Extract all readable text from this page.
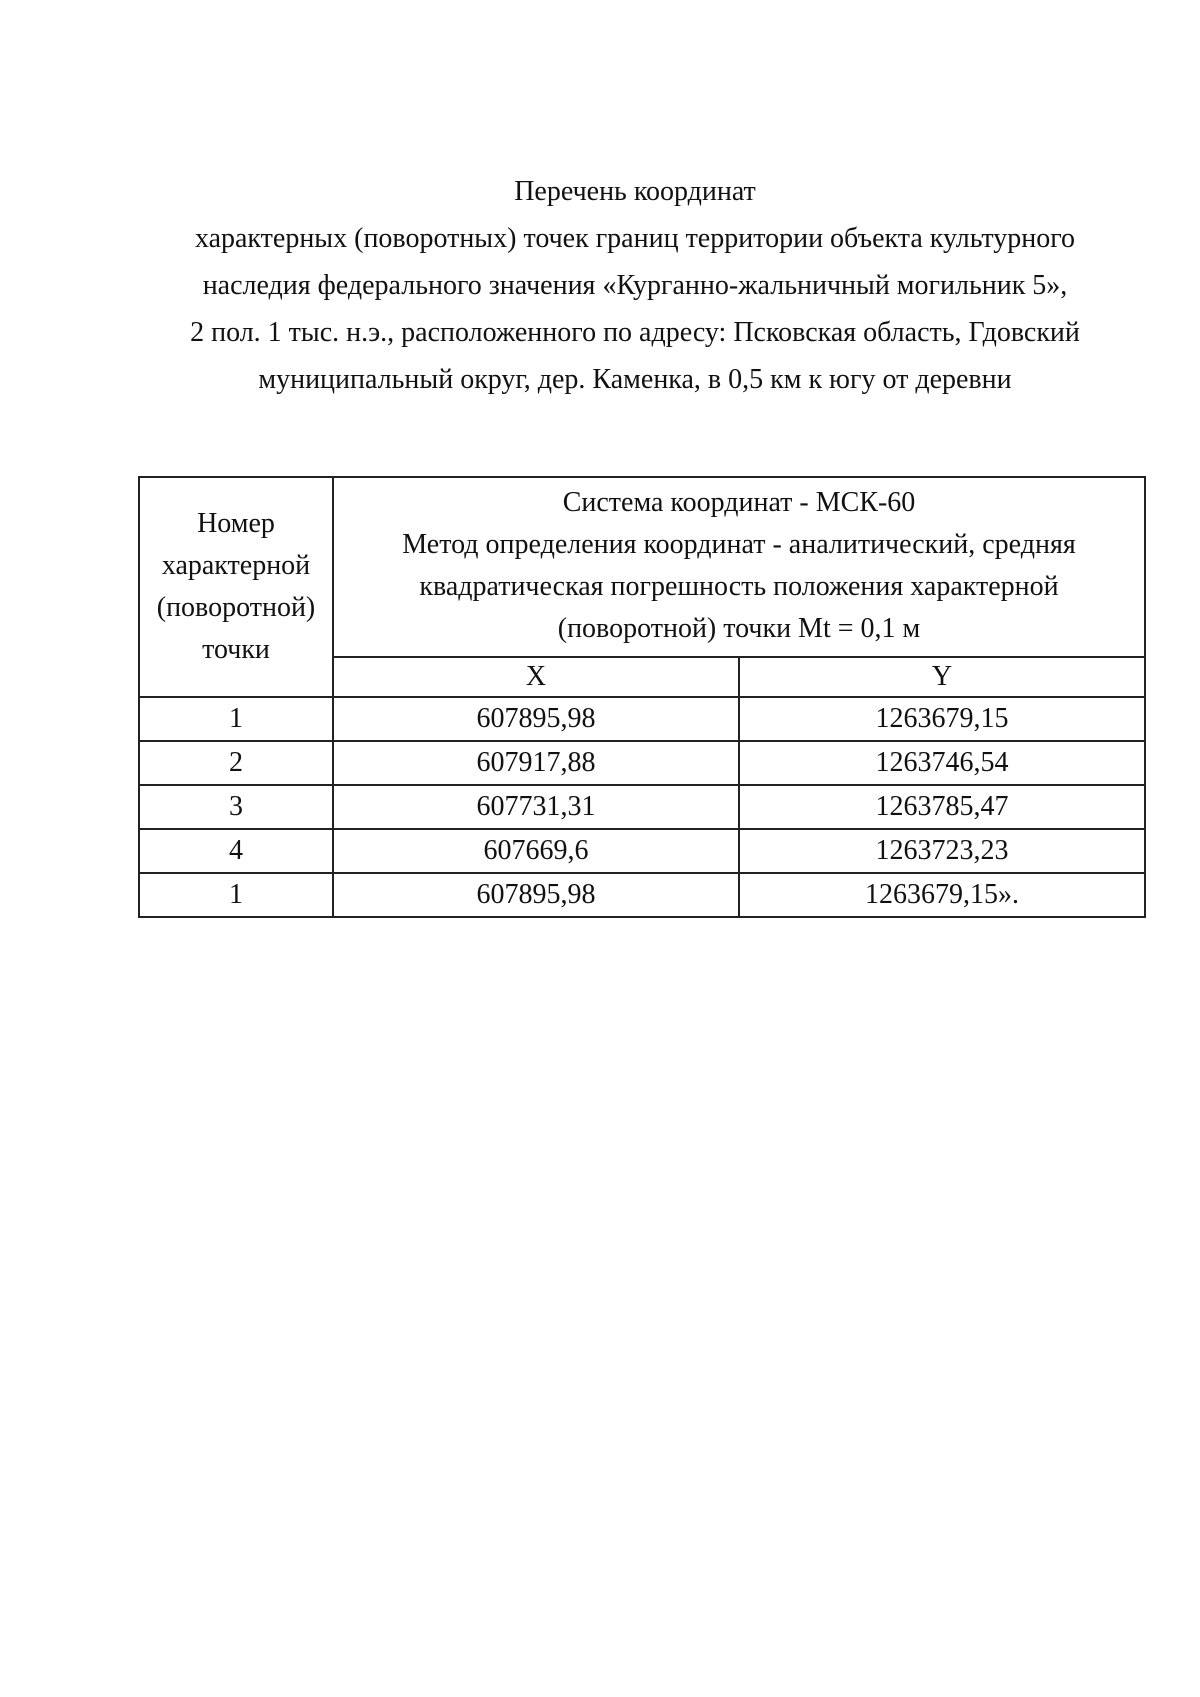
Перечень координат
характерных (поворотных) точек границ территории объекта культурного
наследия федерального значения «Курганно-жальничный могильник 5»,
2 пол. 1 тыс. н.э., расположенного по адресу: Псковская область, Гдовский
муниципальный округ, дер. Каменка, в 0,5 км к югу от деревни
Номер
характерной
(поворотной)
точки	Система координат - МСК-60
Метод определения координат - аналитический, средняя
квадратическая погрешность положения характерной
(поворотной) точки Mt = 0,1 м	

	X	Y
1	607895,98	1263679,15
2	607917,88	1263746,54
3	607731,31	1263785,47
4	607669,6	1263723,23
1	607895,98	1263679,15».
